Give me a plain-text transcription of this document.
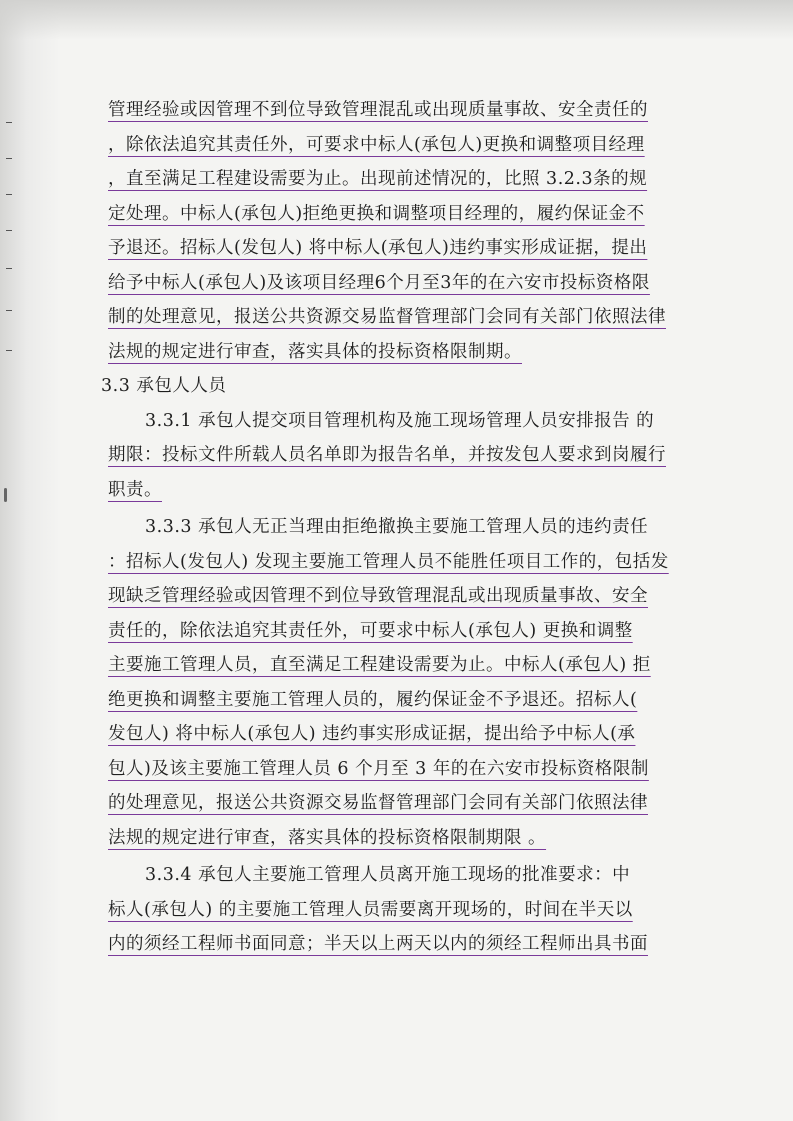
管理经验或因管理不到位导致管理混乱或出现质量事故、安全责任的
，除依法追究其责任外，可要求中标人(承包人)更换和调整项目经理
，直至满足工程建设需要为止。出现前述情况的，比照 3.2.3条的规
定处理。中标人(承包人)拒绝更换和调整项目经理的，履约保证金不
予退还。招标人(发包人) 将中标人(承包人)违约事实形成证据，提出
给予中标人(承包人)及该项目经理6个月至3年的在六安市投标资格限
制的处理意见，报送公共资源交易监督管理部门会同有关部门依照法律
法规的规定进行审查，落实具体的投标资格限制期。
3.3 承包人人员
3.3.1 承包人提交项目管理机构及施工现场管理人员安排报告 的
期限：投标文件所载人员名单即为报告名单，并按发包人要求到岗履行
职责。
3.3.3 承包人无正当理由拒绝撤换主要施工管理人员的违约责任
：招标人(发包人) 发现主要施工管理人员不能胜任项目工作的，包括发
现缺乏管理经验或因管理不到位导致管理混乱或出现质量事故、安全
责任的，除依法追究其责任外，可要求中标人(承包人) 更换和调整
主要施工管理人员，直至满足工程建设需要为止。中标人(承包人) 拒
绝更换和调整主要施工管理人员的，履约保证金不予退还。招标人(
发包人) 将中标人(承包人) 违约事实形成证据，提出给予中标人(承
包人)及该主要施工管理人员 6 个月至 3 年的在六安市投标资格限制
的处理意见，报送公共资源交易监督管理部门会同有关部门依照法律
法规的规定进行审查，落实具体的投标资格限制期限 。
3.3.4 承包人主要施工管理人员离开施工现场的批准要求：中
标人(承包人) 的主要施工管理人员需要离开现场的，时间在半天以
内的须经工程师书面同意；半天以上两天以内的须经工程师出具书面
